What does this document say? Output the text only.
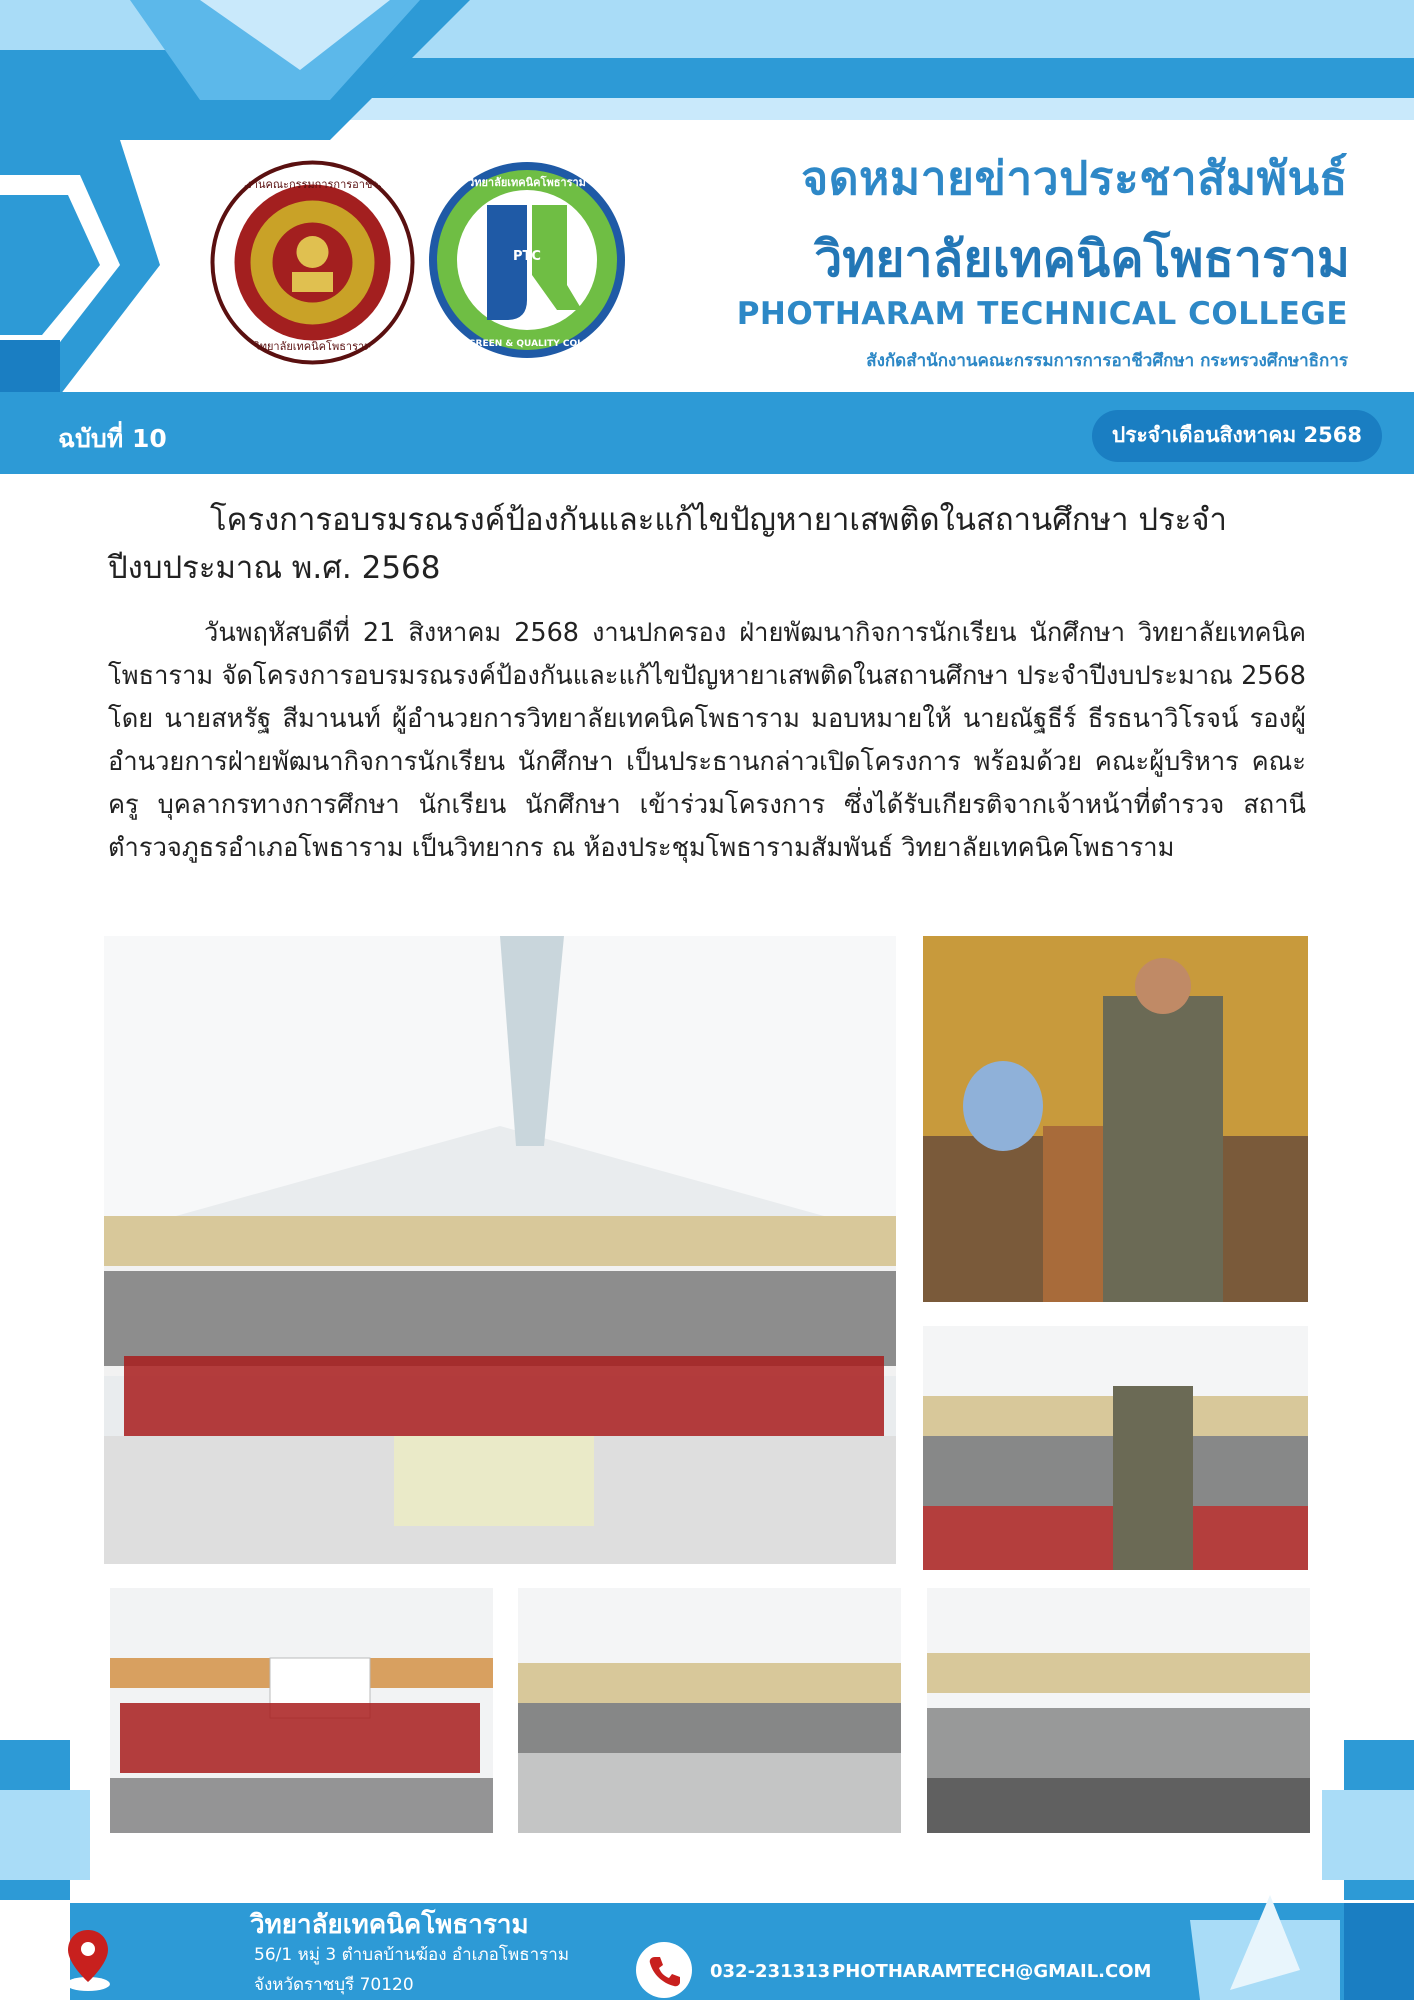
สำนักงานคณะกรรมการการอาชีวศึกษา
วิทยาลัยเทคนิคโพธาราม
PTC
วิทยาลัยเทคนิคโพธาราม
PTC GREEN & QUALITY COLLEGE
จดหมายข่าวประชาสัมพันธ์
วิทยาลัยเทคนิคโพธาราม
PHOTHARAM TECHNICAL COLLEGE
สังกัดสำนักงานคณะกรรมการการอาชีวศึกษา กระทรวงศึกษาธิการ
ฉบับที่ 10	ประจำเดือนสิงหาคม 2568
โครงการอบรมรณรงค์ป้องกันและแก้ไขปัญหายาเสพติดในสถานศึกษา ประจำปีงบประมาณ พ.ศ. 2568
วันพฤหัสบดีที่ 21 สิงหาคม 2568 งานปกครอง ฝ่ายพัฒนากิจการนักเรียน นักศึกษา วิทยาลัยเทคนิคโพธาราม จัดโครงการอบรมรณรงค์ป้องกันและแก้ไขปัญหายาเสพติดในสถานศึกษา ประจำปีงบประมาณ 2568 โดย นายสหรัฐ สีมานนท์ ผู้อำนวยการวิทยาลัยเทคนิคโพธาราม มอบหมายให้ นายณัฐธีร์ ธีรธนาวิโรจน์ รองผู้อำนวยการฝ่ายพัฒนากิจการนักเรียน นักศึกษา เป็นประธานกล่าวเปิดโครงการ พร้อมด้วย คณะผู้บริหาร คณะครู บุคลากรทางการศึกษา นักเรียน นักศึกษา เข้าร่วมโครงการ ซึ่งได้รับเกียรติจากเจ้าหน้าที่ตำรวจ สถานีตำรวจภูธรอำเภอโพธาราม เป็นวิทยากร ณ ห้องประชุมโพธารามสัมพันธ์ วิทยาลัยเทคนิคโพธาราม
วิทยาลัยเทคนิคโพธาราม
56/1 หมู่ 3 ตำบลบ้านฆ้อง อำเภอโพธาราม
จังหวัดราชบุรี 70120
032-231313 PHOTHARAMTECH@GMAIL.COM
